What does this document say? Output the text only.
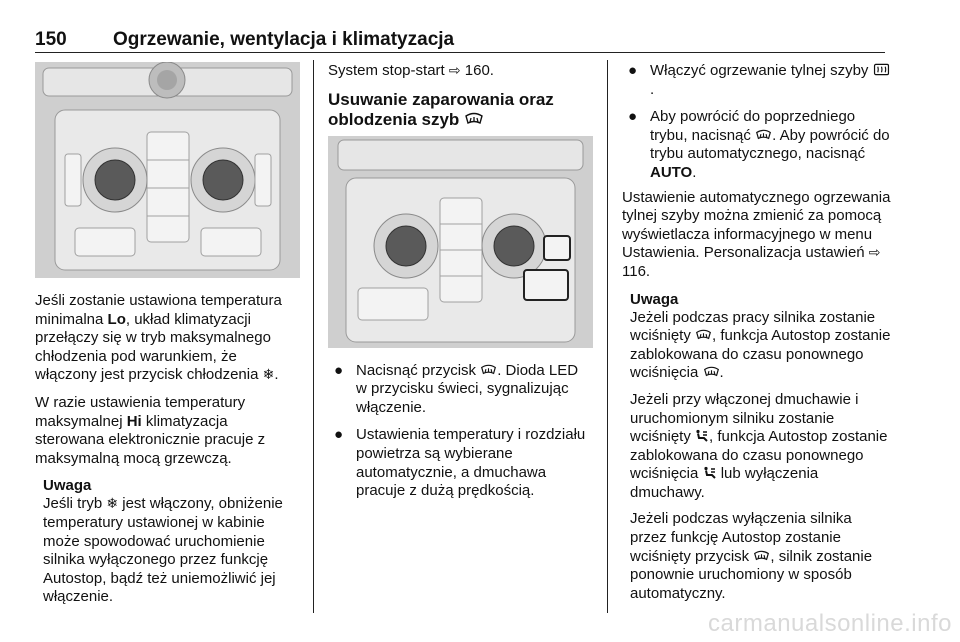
150 Ogrzewanie, wentylacja i klimatyzacja

Jeśli zostanie ustawiona temperatura minimalna Lo, układ klimatyzacji przełączy się w tryb maksymalnego chłodzenia pod warunkiem, że włączony jest przycisk chłodzenia ❄.

W razie ustawienia temperatury maksymalnej Hi klimatyzacja sterowana elektronicznie pracuje z maksymalną mocą grzewczą.

Uwaga

Jeśli tryb ❄ jest włączony, obniżenie temperatury ustawionej w kabinie może spowodować uruchomienie silnika wyłączonego przez funkcję Autostop, bądź też uniemożliwić jej włączenie.

System stop-start ⇨ 160.

Usuwanie zaparowania oraz oblodzenia szyb
● Nacisnąć przycisk . Dioda LED w przycisku świeci, sygnalizując włączenie.
● Ustawienia temperatury i rozdziału powietrza są wybierane automatycznie, a dmuchawa pracuje z dużą prędkością.
● Włączyć ogrzewanie tylnej szyby .
● Aby powrócić do poprzedniego trybu, nacisnąć . Aby powrócić do trybu automatycznego, nacisnąć AUTO.

Ustawienie automatycznego ogrzewania tylnej szyby można zmienić za pomocą wyświetlacza informacyjnego w menu Ustawienia. Personalizacja ustawień ⇨ 116.

Uwaga

Jeżeli podczas pracy silnika zostanie wciśnięty , funkcja Autostop zostanie zablokowana do czasu ponownego wciśnięcia .

Jeżeli przy włączonej dmuchawie i uruchomionym silniku zostanie wciśnięty , funkcja Autostop zostanie zablokowana do czasu ponownego wciśnięcia  lub wyłączenia dmuchawy.

Jeżeli podczas wyłączenia silnika przez funkcję Autostop zostanie wciśnięty przycisk , silnik zostanie ponownie uruchomiony w sposób automatyczny.

carmanualsonline.info
